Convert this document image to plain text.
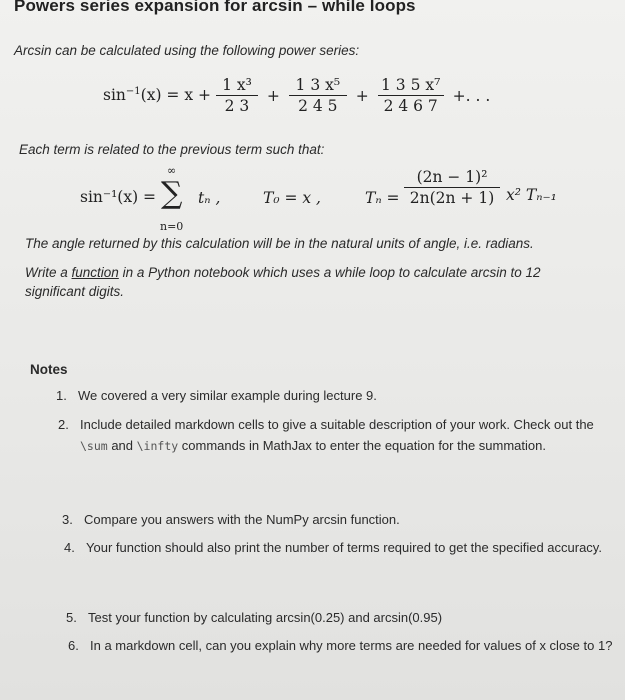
Powers series expansion for arcsin – while loops
Arcsin can be calculated using the following power series:
$\sin^{-1}(x) = x + \frac{\text{1 x³}}{2 3} + \frac{\text{1 3 x⁵}}{2 4 5} + \frac{\text{1 3 5 x⁷}}{2 4 6 7}$ +. . .
Each term is related to the previous term such that:
sin⁻¹(x) =
∞
∑
n=0
tₙ ,	T₀ = x ,	$T_n = \frac{\text{(2n − 1)²}}{2n(2n + 1)} x^2$ Tₙ₋₁
The angle returned by this calculation will be in the natural units of angle, i.e. radians.
Write a function in a Python notebook which uses a while loop to calculate arcsin to 12
significant digits.
Notes
1. We covered a very similar example during lecture 9.
2. Include detailed markdown cells to give a suitable description of your work. Check out the \sum and \infty commands in MathJax to enter the equation for the summation.
3. Compare you answers with the NumPy arcsin function.
4. Your function should also print the number of terms required to get the specified accuracy.
5. Test your function by calculating arcsin(0.25) and arcsin(0.95)
6. In a markdown cell, can you explain why more terms are needed for values of x close to 1?
